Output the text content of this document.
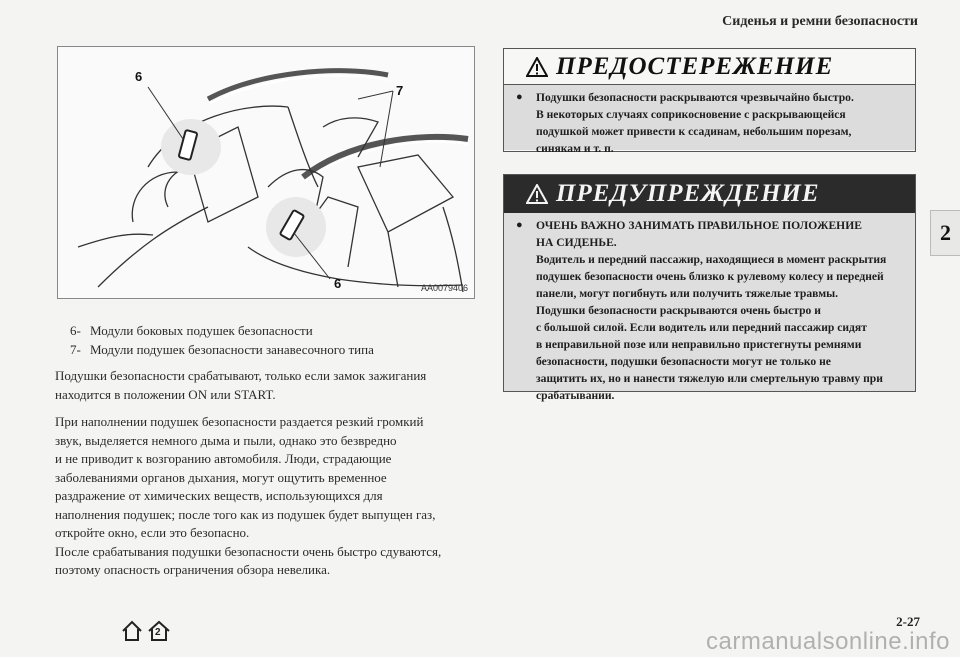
Сиденья и ремни безопасности
6
7
6	AA0079406
6- Модули боковых подушек безопасности
7- Модули подушек безопасности занавесочного типа

Подушки безопасности срабатывают, только если замок зажигания находится в положении ON или START.

При наполнении подушек безопасности раздается резкий громкий
звук, выделяется немного дыма и пыли, однако это безвредно
и не приводит к возгоранию автомобиля. Люди, страдающие
заболеваниями органов дыхания, могут ощутить временное
раздражение от химических веществ, использующихся для
наполнения подушек; после того как из подушек будет выпущен газ,
откройте окно, если это безопасно.
После срабатывания подушки безопасности очень быстро сдуваются,
поэтому опасность ограничения обзора невелика.

ПРЕДОСТЕРЕЖЕНИЕ
●	Подушки безопасности раскрываются чрезвычайно быстро.
В некоторых случаях соприкосновение с раскрывающейся
подушкой может привести к ссадинам, небольшим порезам,
синякам и т. п.
ПРЕДУПРЕЖДЕНИЕ
●	ОЧЕНЬ ВАЖНО ЗАНИМАТЬ ПРАВИЛЬНОЕ ПОЛОЖЕНИЕ
НА СИДЕНЬЕ.
Водитель и передний пассажир, находящиеся в момент раскрытия
подушек безопасности очень близко к рулевому колесу и передней
панели, могут погибнуть или получить тяжелые травмы.
Подушки безопасности раскрываются очень быстро и
с большой силой. Если водитель или передний пассажир сидят
в неправильной позе или неправильно пристегнуты ремнями
безопасности, подушки безопасности могут не только не
защитить их, но и нанести тяжелую или смертельную травму при
срабатывании.
2
2-27
2	carmanualsonline.info
